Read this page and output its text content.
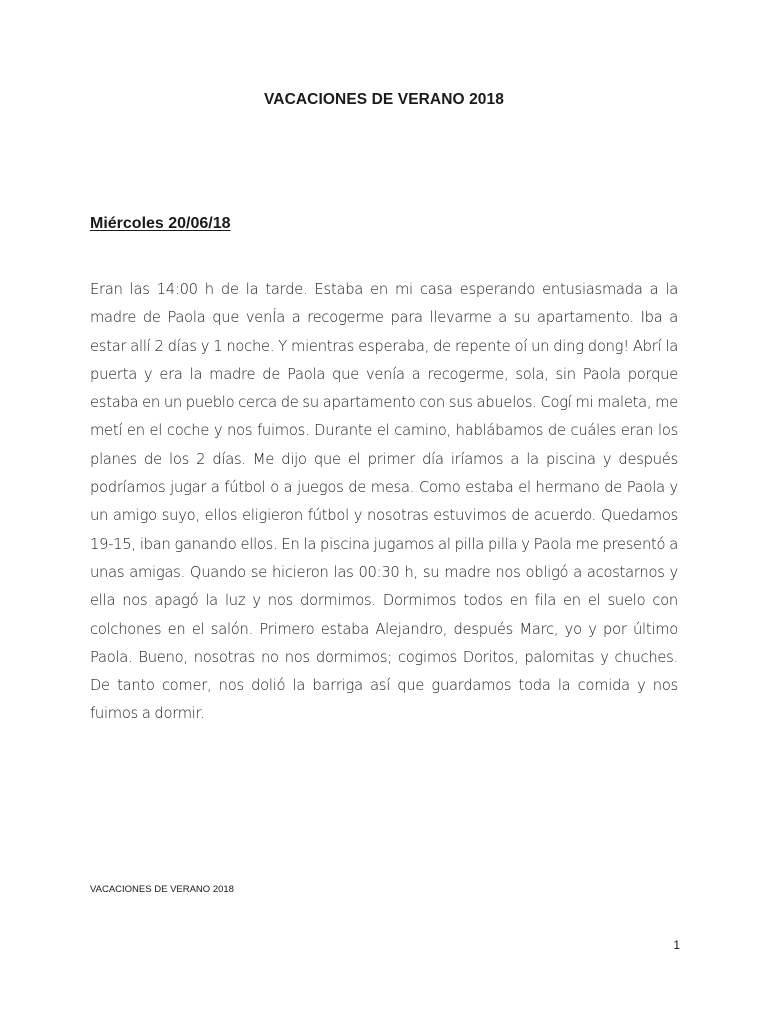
VACACIONES DE VERANO 2018
Miércoles 20/06/18

Eran las 14:00 h de la tarde. Estaba en mi casa esperando entusiasmada a la madre de Paola que venÍa a recogerme para llevarme a su apartamento. Iba a estar allí 2 días y 1 noche. Y mientras esperaba, de repente oí un ding dong! Abrí la puerta y era la madre de Paola que venía a recogerme, sola, sin Paola porque estaba en un pueblo cerca de su apartamento con sus abuelos. Cogí mi maleta, me metí en el coche y nos fuimos. Durante el camino, hablábamos de cuáles eran los planes de los 2 días. Me dijo que el primer día iríamos a la piscina y después podríamos jugar a fútbol o a juegos de mesa. Como estaba el hermano de Paola y un amigo suyo, ellos eligieron fútbol y nosotras estuvimos de acuerdo. Quedamos 19-15, iban ganando ellos. En la piscina jugamos al pilla pilla y Paola me presentó a unas amigas. Quando se hicieron las 00:30 h, su madre nos obligó a acostarnos y ella nos apagó la luz y nos dormimos. Dormimos todos en fila en el suelo con colchones en el salón. Primero estaba Alejandro, después Marc, yo y por último Paola. Bueno, nosotras no nos dormimos; cogimos Doritos, palomitas y chuches. De tanto comer, nos dolió la barriga así que guardamos toda la comida y nos fuimos a dormir.

VACACIONES DE VERANO 2018
1
